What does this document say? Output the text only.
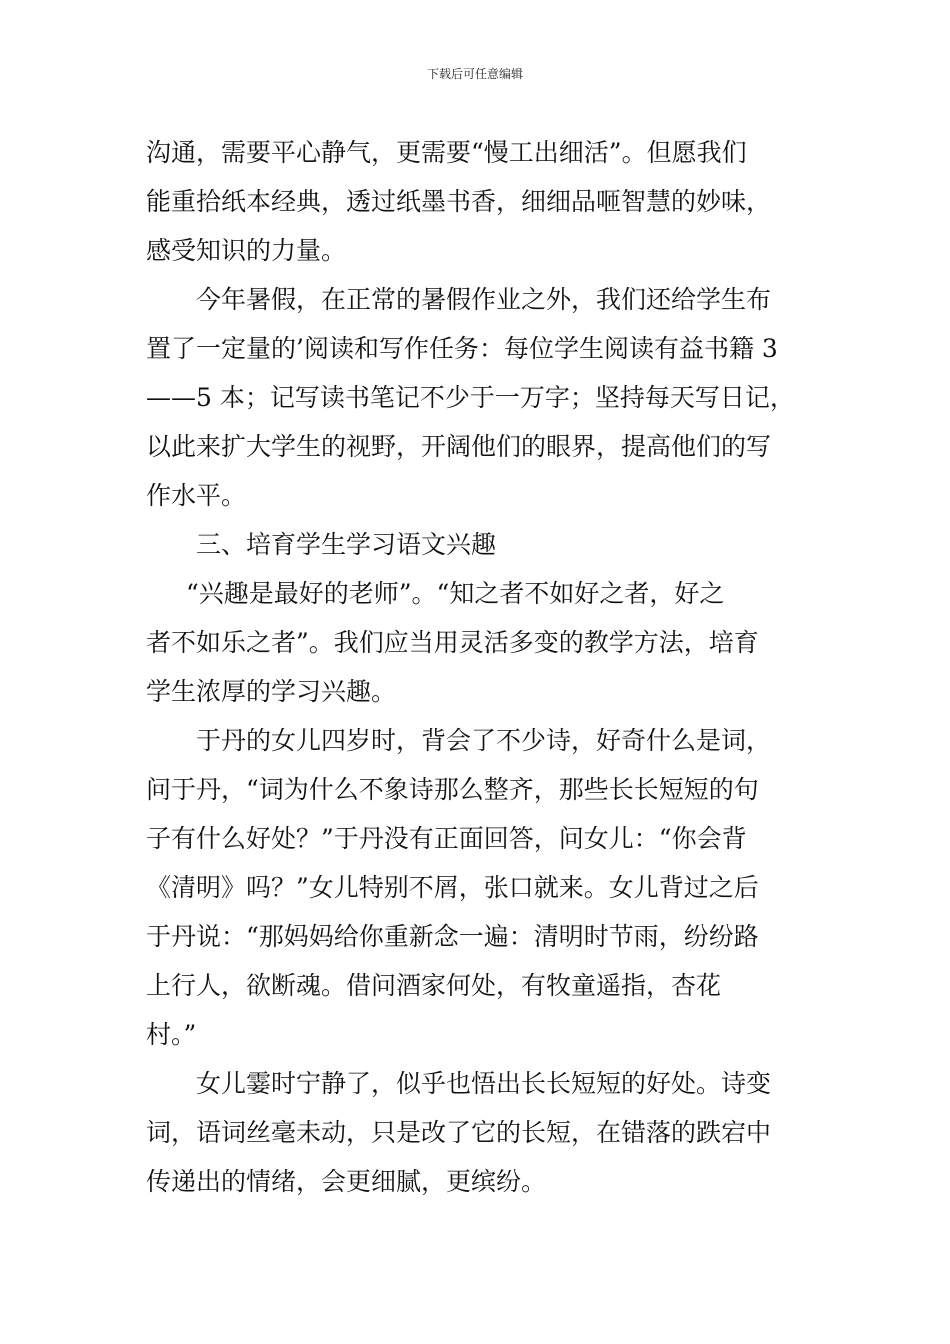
下载后可任意编辑
沟通，需要平心静气，更需要“慢工出细活”。但愿我们
能重拾纸本经典，透过纸墨书香，细细品咂智慧的妙味，
感受知识的力量。
今年暑假，在正常的暑假作业之外，我们还给学生布
置了一定量的’阅读和写作任务：每位学生阅读有益书籍 3
——5 本；记写读书笔记不少于一万字；坚持每天写日记，
以此来扩大学生的视野，开阔他们的眼界，提高他们的写
作水平。
三、培育学生学习语文兴趣
“兴趣是最好的老师”。“知之者不如好之者，好之
者不如乐之者”。我们应当用灵活多变的教学方法，培育
学生浓厚的学习兴趣。
于丹的女儿四岁时，背会了不少诗，好奇什么是词，
问于丹，“词为什么不象诗那么整齐，那些长长短短的句
子有什么好处？”于丹没有正面回答，问女儿：“你会背
《清明》吗？”女儿特别不屑，张口就来。女儿背过之后
于丹说：“那妈妈给你重新念一遍：清明时节雨，纷纷路
上行人，欲断魂。借问酒家何处，有牧童遥指，杏花
村。”
女儿霎时宁静了，似乎也悟出长长短短的好处。诗变
词，语词丝毫未动，只是改了它的长短，在错落的跌宕中
传递出的情绪，会更细腻，更缤纷。
